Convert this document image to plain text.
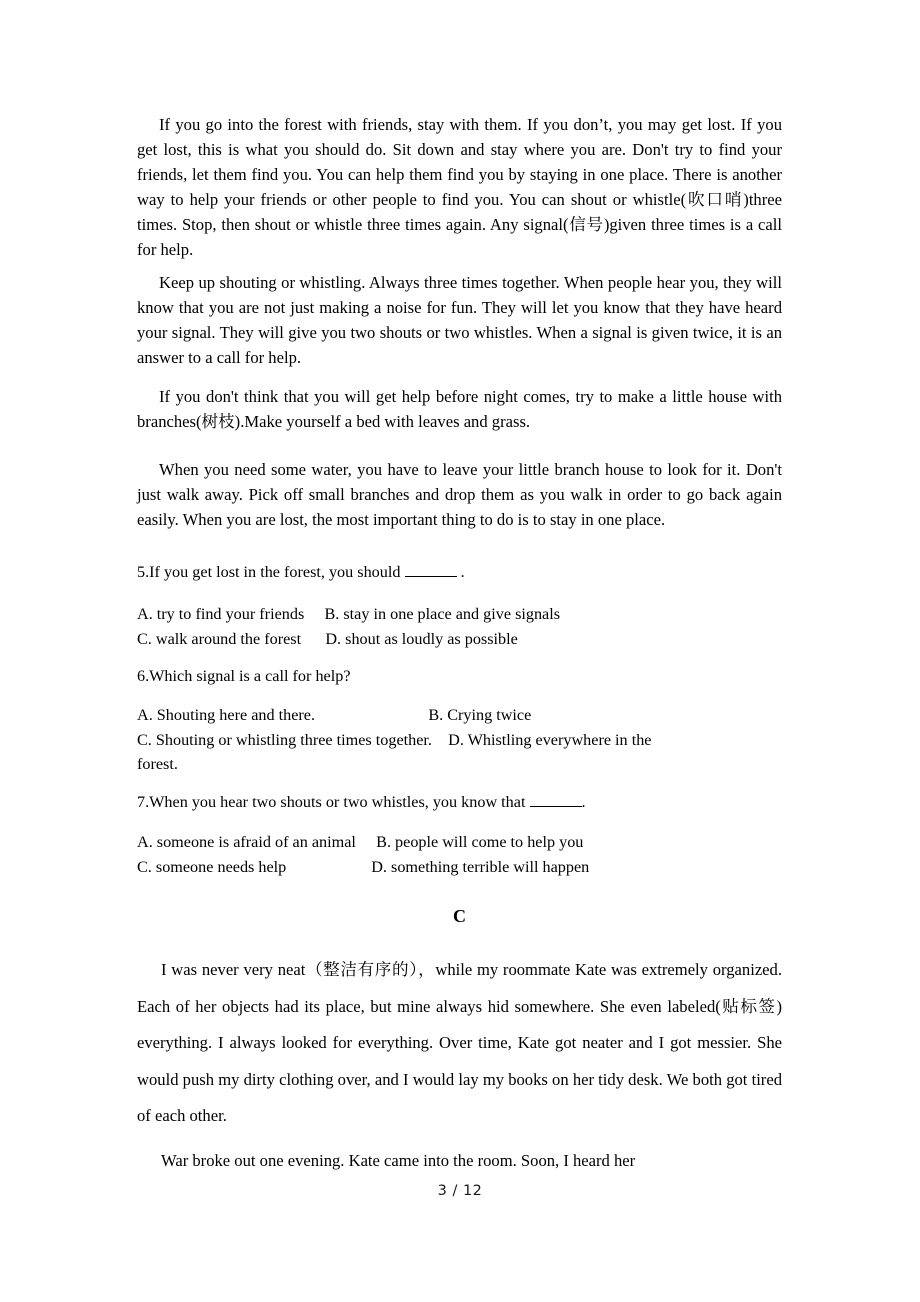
If you go into the forest with friends, stay with them. If you don’t, you may get lost. If you get lost, this is what you should do. Sit down and stay where you are. Don't try to find your friends, let them find you. You can help them find you by staying in one place. There is another way to help your friends or other people to find you. You can shout or whistle(吹口哨)three times. Stop, then shout or whistle three times again. Any signal(信号)given three times is a call for help.

Keep up shouting or whistling. Always three times together. When people hear you, they will know that you are not just making a noise for fun. They will let you know that they have heard your signal. They will give you two shouts or two whistles. When a signal is given twice, it is an answer to a call for help.

If you don't think that you will get help before night comes, try to make a little house with branches(树枝).Make yourself a bed with leaves and grass.

When you need some water, you have to leave your little branch house to look for it. Don't just walk away. Pick off small branches and drop them as you walk in order to go back again easily. When you are lost, the most important thing to do is to stay in one place.

5.If you get lost in the forest, you should	.

A. try to find your friends     B. stay in one place and give signals
C. walk around the forest      D. shout as loudly as possible

6.Which signal is a call for help?

A. Shouting here and there.                            B. Crying twice
C. Shouting or whistling three times together.    D. Whistling everywhere in the
forest.

7.When you hear two shouts or two whistles, you know that	.

A. someone is afraid of an animal     B. people will come to help you
C. someone needs help                     D. something terrible will happen

C

I was never very neat（整洁有序的），while my roommate Kate was extremely organized. Each of her objects had its place, but mine always hid somewhere. She even labeled(贴标签) everything. I always looked for everything. Over time, Kate got neater and I got messier. She would push my dirty clothing over, and I would lay my books on her tidy desk. We both got tired of each other.

War broke out one evening. Kate came into the room. Soon, I heard her

3 / 12
